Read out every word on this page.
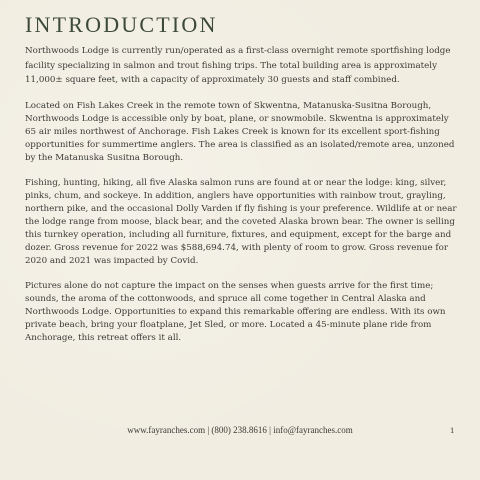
INTRODUCTION

Northwoods Lodge is currently run/operated as a first-class overnight remote sportfishing lodge facility specializing in salmon and trout fishing trips. The total building area is approximately 11,000± square feet, with a capacity of approximately 30 guests and staff combined.

Located on Fish Lakes Creek in the remote town of Skwentna, Matanuska-Susitna Borough, Northwoods Lodge is accessible only by boat, plane, or snowmobile. Skwentna is approximately 65 air miles northwest of Anchorage. Fish Lakes Creek is known for its excellent sport-fishing opportunities for summertime anglers. The area is classified as an isolated/remote area, unzoned by the Matanuska Susitna Borough.

Fishing, hunting, hiking, all five Alaska salmon runs are found at or near the lodge: king, silver, pinks, chum, and sockeye. In addition, anglers have opportunities with rainbow trout, grayling, northern pike, and the occasional Dolly Varden if fly fishing is your preference. Wildlife at or near the lodge range from moose, black bear, and the coveted Alaska brown bear. The owner is selling this turnkey operation, including all furniture, fixtures, and equipment, except for the barge and dozer. Gross revenue for 2022 was $588,694.74, with plenty of room to grow. Gross revenue for 2020 and 2021 was impacted by Covid.

Pictures alone do not capture the impact on the senses when guests arrive for the first time; sounds, the aroma of the cottonwoods, and spruce all come together in Central Alaska and Northwoods Lodge. Opportunities to expand this remarkable offering are endless. With its own private beach, bring your floatplane, Jet Sled, or more. Located a 45-minute plane ride from Anchorage, this retreat offers it all.

www.fayranches.com | (800) 238.8616 | info@fayranches.com	1
